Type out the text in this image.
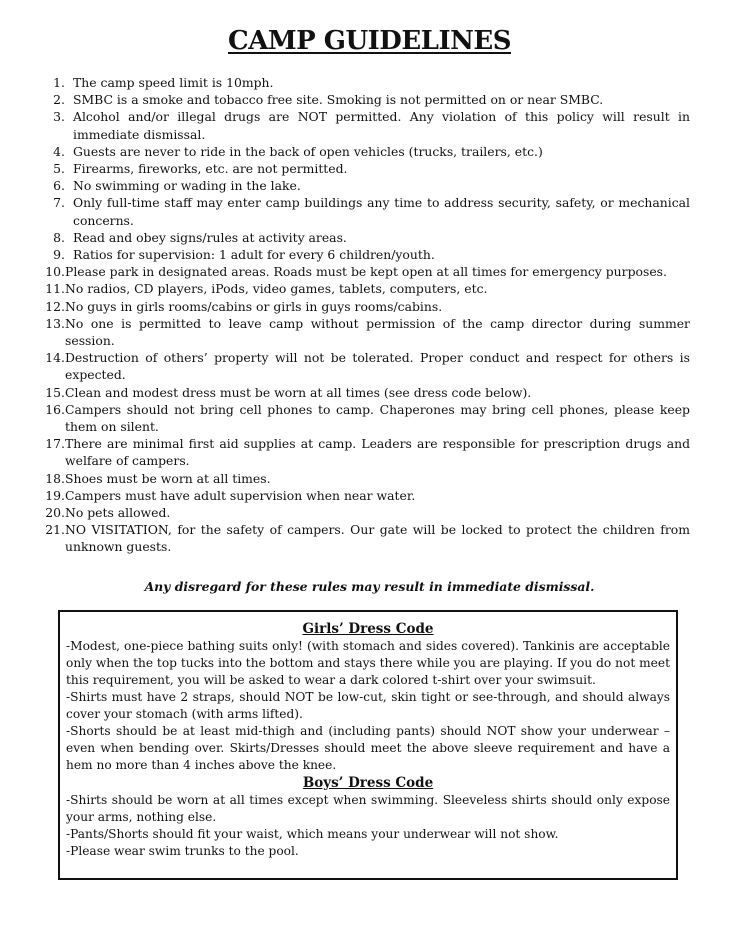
CAMP GUIDELINES
1. The camp speed limit is 10mph.
2. SMBC is a smoke and tobacco free site. Smoking is not permitted on or near SMBC.
3. Alcohol and/or illegal drugs are NOT permitted. Any violation of this policy will result in immediate dismissal.
4. Guests are never to ride in the back of open vehicles (trucks, trailers, etc.)
5. Firearms, fireworks, etc. are not permitted.
6. No swimming or wading in the lake.
7. Only full-time staff may enter camp buildings any time to address security, safety, or mechanical concerns.
8. Read and obey signs/rules at activity areas.
9. Ratios for supervision: 1 adult for every 6 children/youth.
10. Please park in designated areas. Roads must be kept open at all times for emergency purposes.
11. No radios, CD players, iPods, video games, tablets, computers, etc.
12. No guys in girls rooms/cabins or girls in guys rooms/cabins.
13. No one is permitted to leave camp without permission of the camp director during summer session.
14. Destruction of others’ property will not be tolerated. Proper conduct and respect for others is expected.
15. Clean and modest dress must be worn at all times (see dress code below).
16. Campers should not bring cell phones to camp. Chaperones may bring cell phones, please keep them on silent.
17. There are minimal first aid supplies at camp. Leaders are responsible for prescription drugs and welfare of campers.
18. Shoes must be worn at all times.
19. Campers must have adult supervision when near water.
20. No pets allowed.
21. NO VISITATION, for the safety of campers. Our gate will be locked to protect the children from unknown guests.
Any disregard for these rules may result in immediate dismissal.
Girls’ Dress Code

-Modest, one-piece bathing suits only! (with stomach and sides covered). Tankinis are acceptable only when the top tucks into the bottom and stays there while you are playing. If you do not meet this requirement, you will be asked to wear a dark colored t-shirt over your swimsuit.

-Shirts must have 2 straps, should NOT be low-cut, skin tight or see-through, and should always cover your stomach (with arms lifted).

-Shorts should be at least mid-thigh and (including pants) should NOT show your underwear – even when bending over. Skirts/Dresses should meet the above sleeve requirement and have a hem no more than 4 inches above the knee.

Boys’ Dress Code

-Shirts should be worn at all times except when swimming. Sleeveless shirts should only expose your arms, nothing else.

-Pants/Shorts should fit your waist, which means your underwear will not show.

-Please wear swim trunks to the pool.
